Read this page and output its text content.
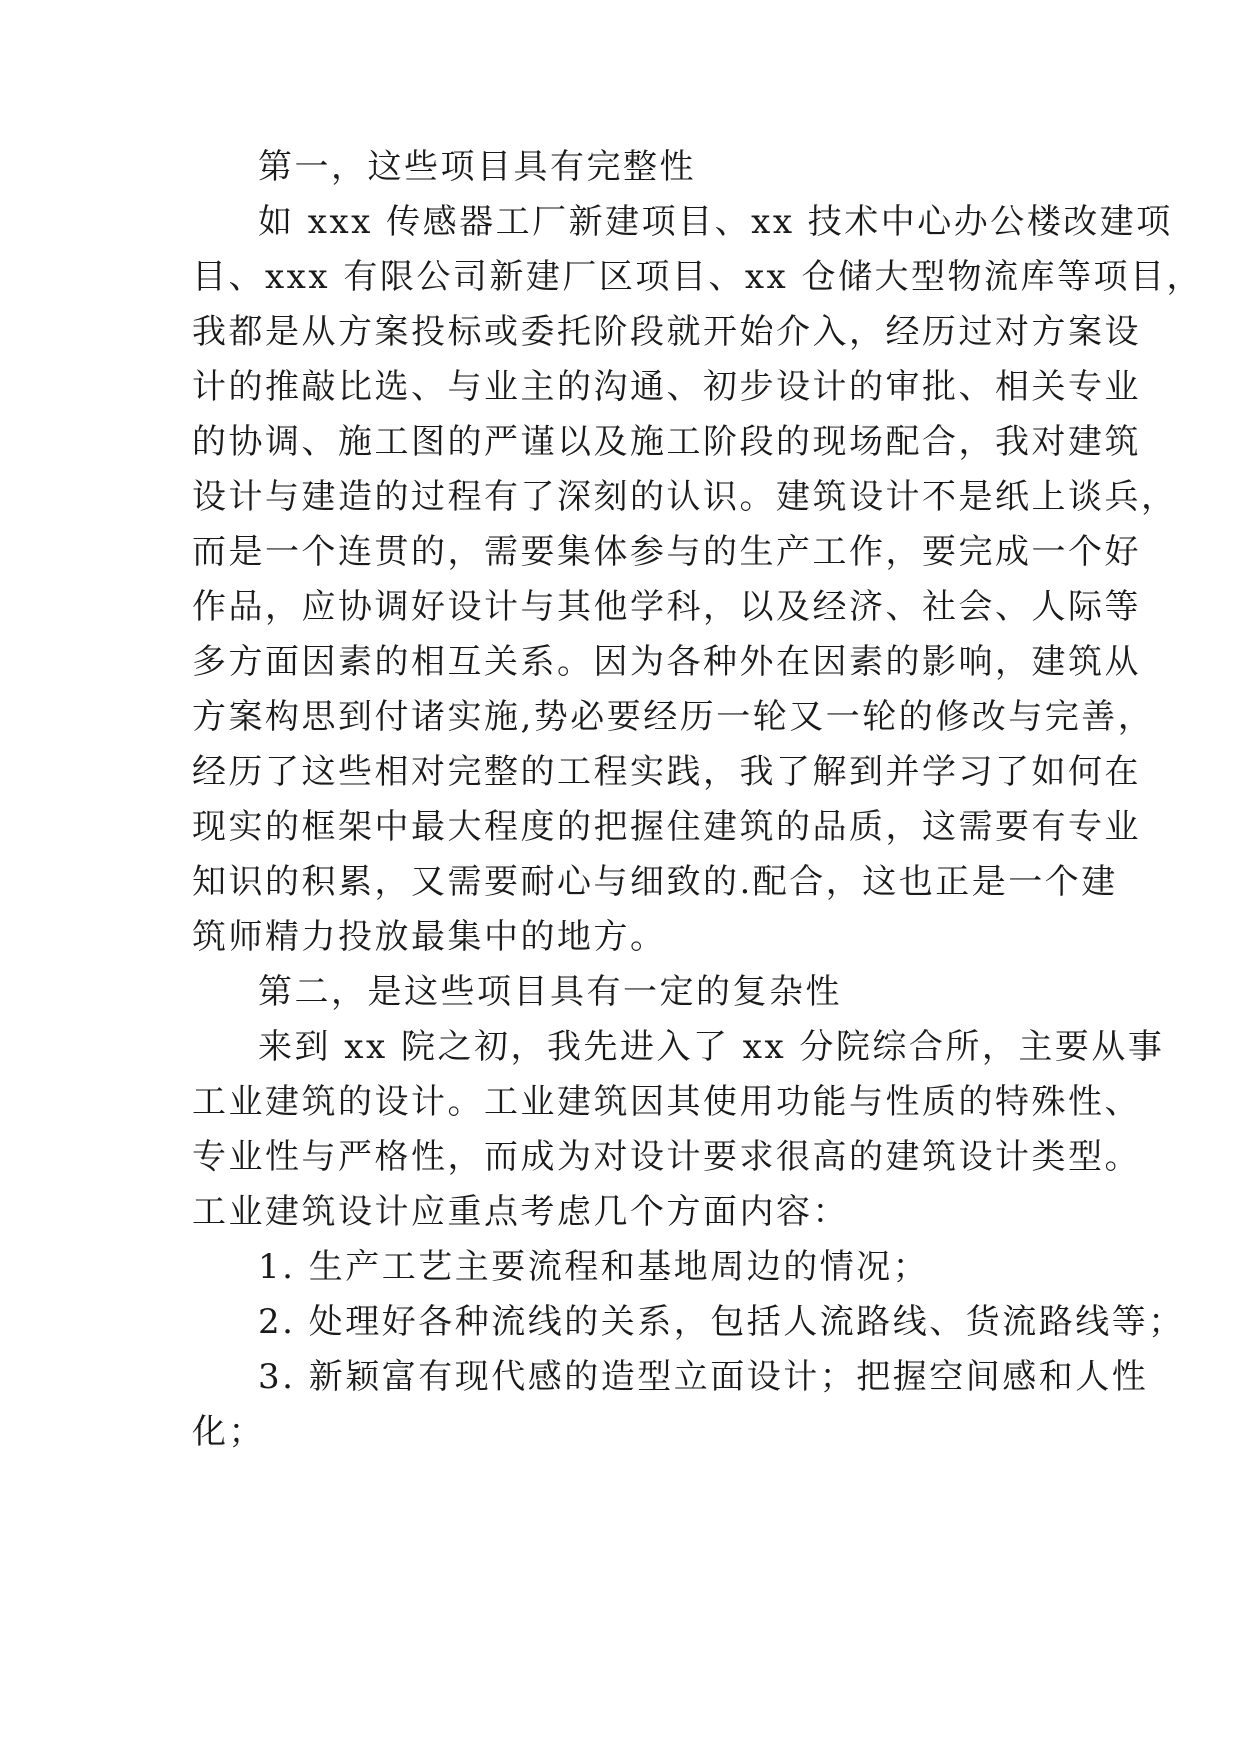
第一，这些项目具有完整性
如 xxx 传感器工厂新建项目、xx 技术中心办公楼改建项
目、xxx 有限公司新建厂区项目、xx 仓储大型物流库等项目，
我都是从方案投标或委托阶段就开始介入，经历过对方案设
计的推敲比选、与业主的沟通、初步设计的审批、相关专业
的协调、施工图的严谨以及施工阶段的现场配合，我对建筑
设计与建造的过程有了深刻的认识。建筑设计不是纸上谈兵，
而是一个连贯的，需要集体参与的生产工作，要完成一个好
作品，应协调好设计与其他学科，以及经济、社会、人际等
多方面因素的相互关系。因为各种外在因素的影响，建筑从
方案构思到付诸实施,势必要经历一轮又一轮的修改与完善，
经历了这些相对完整的工程实践，我了解到并学习了如何在
现实的框架中最大程度的把握住建筑的品质，这需要有专业
知识的积累，又需要耐心与细致的.配合，这也正是一个建
筑师精力投放最集中的地方。
第二，是这些项目具有一定的复杂性
来到 xx 院之初，我先进入了 xx 分院综合所，主要从事
工业建筑的设计。工业建筑因其使用功能与性质的特殊性、
专业性与严格性，而成为对设计要求很高的建筑设计类型。
工业建筑设计应重点考虑几个方面内容：
1. 生产工艺主要流程和基地周边的情况；
2. 处理好各种流线的关系，包括人流路线、货流路线等；
3. 新颖富有现代感的造型立面设计；把握空间感和人性
化；
